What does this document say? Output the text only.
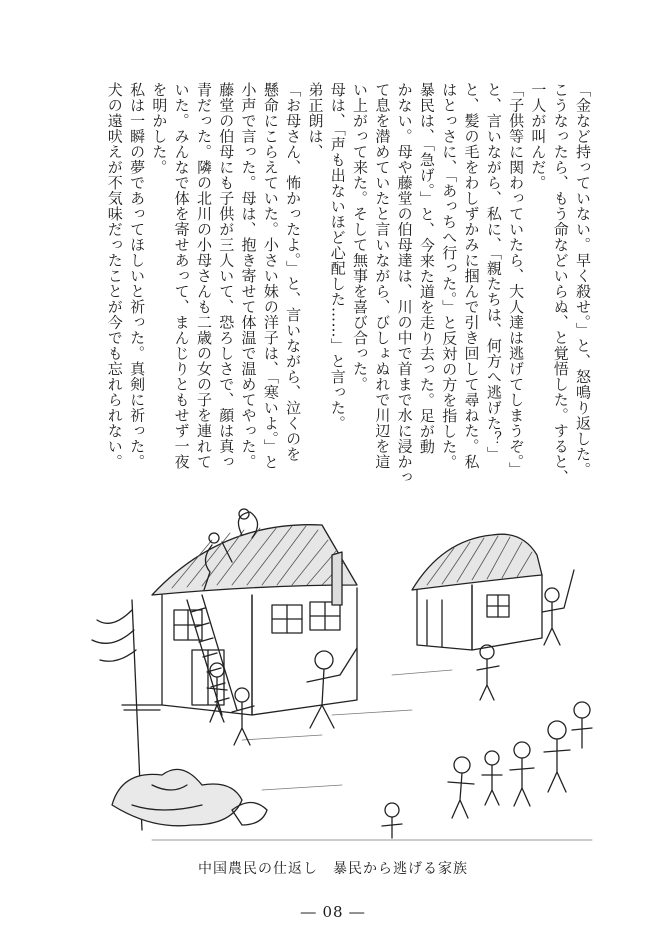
「金など持っていない。早く殺せ。」と、怒鳴り返した。
こうなったら、もう命などいらぬ、と覚悟した。すると、
一人が叫んだ。
「子供等に関わっていたら、大人達は逃げてしまうぞ。」
と、言いながら、私に、「親たちは、何方へ逃げた？」
と、髪の毛をわしずかみに掴んで引き回して尋ねた。私
はとっさに、「あっちへ行った。」と反対の方を指した。
暴民は、「急げ。」と、今来た道を走り去った。足が動
かない。母や藤堂の伯母達は、川の中で首まで水に浸かっ
て息を潜めていたと言いながら、びしょぬれで川辺を這
い上がって来た。そして無事を喜び合った。
母は、「声も出ないほど心配した……」と言った。
弟正朗は、
「お母さん、怖かったよ。」と、言いながら、泣くのを
懸命にこらえていた。小さい妹の洋子は、「寒いよ。」と
小声で言った。母は、抱き寄せて体温で温めてやった。
藤堂の伯母にも子供が三人いて、恐ろしさで、顔は真っ
青だった。隣の北川の小母さんも二歳の女の子を連れて
いた。みんなで体を寄せあって、まんじりともせず一夜
を明かした。
私は一瞬の夢であってほしいと祈った。真剣に祈った。
犬の遠吠えが不気味だったことが今でも忘れられない。
中国農民の仕返し　暴民から逃げる家族
― 08 ―
